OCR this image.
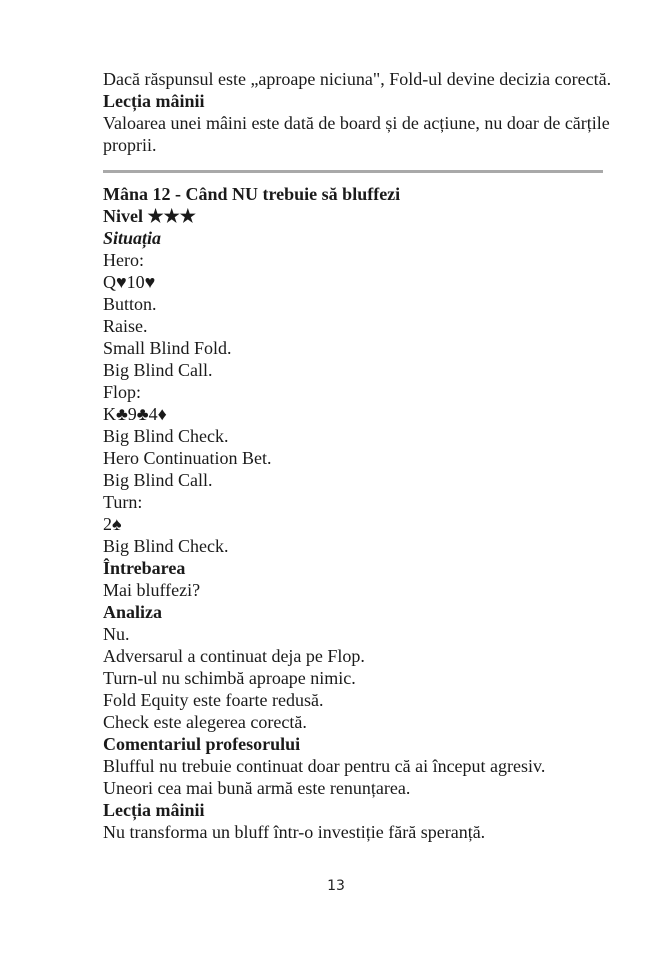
Dacă răspunsul este „aproape niciuna", Fold-ul devine decizia corectă.
Lecția mâinii
Valoarea unei mâini este dată de board și de acțiune, nu doar de cărțile proprii.
Mâna 12 - Când NU trebuie să bluffezi
Nivel ★★★
Situația
Hero:
Q♥10♥
Button.
Raise.
Small Blind Fold.
Big Blind Call.
Flop:
K♣9♣4♦
Big Blind Check.
Hero Continuation Bet.
Big Blind Call.
Turn:
2♠
Big Blind Check.
Întrebarea
Mai bluffezi?
Analiza
Nu.
Adversarul a continuat deja pe Flop.
Turn-ul nu schimbă aproape nimic.
Fold Equity este foarte redusă.
Check este alegerea corectă.
Comentariul profesorului
Blufful nu trebuie continuat doar pentru că ai început agresiv.
Uneori cea mai bună armă este renunțarea.
Lecția mâinii
Nu transforma un bluff într-o investiție fără speranță.
13
